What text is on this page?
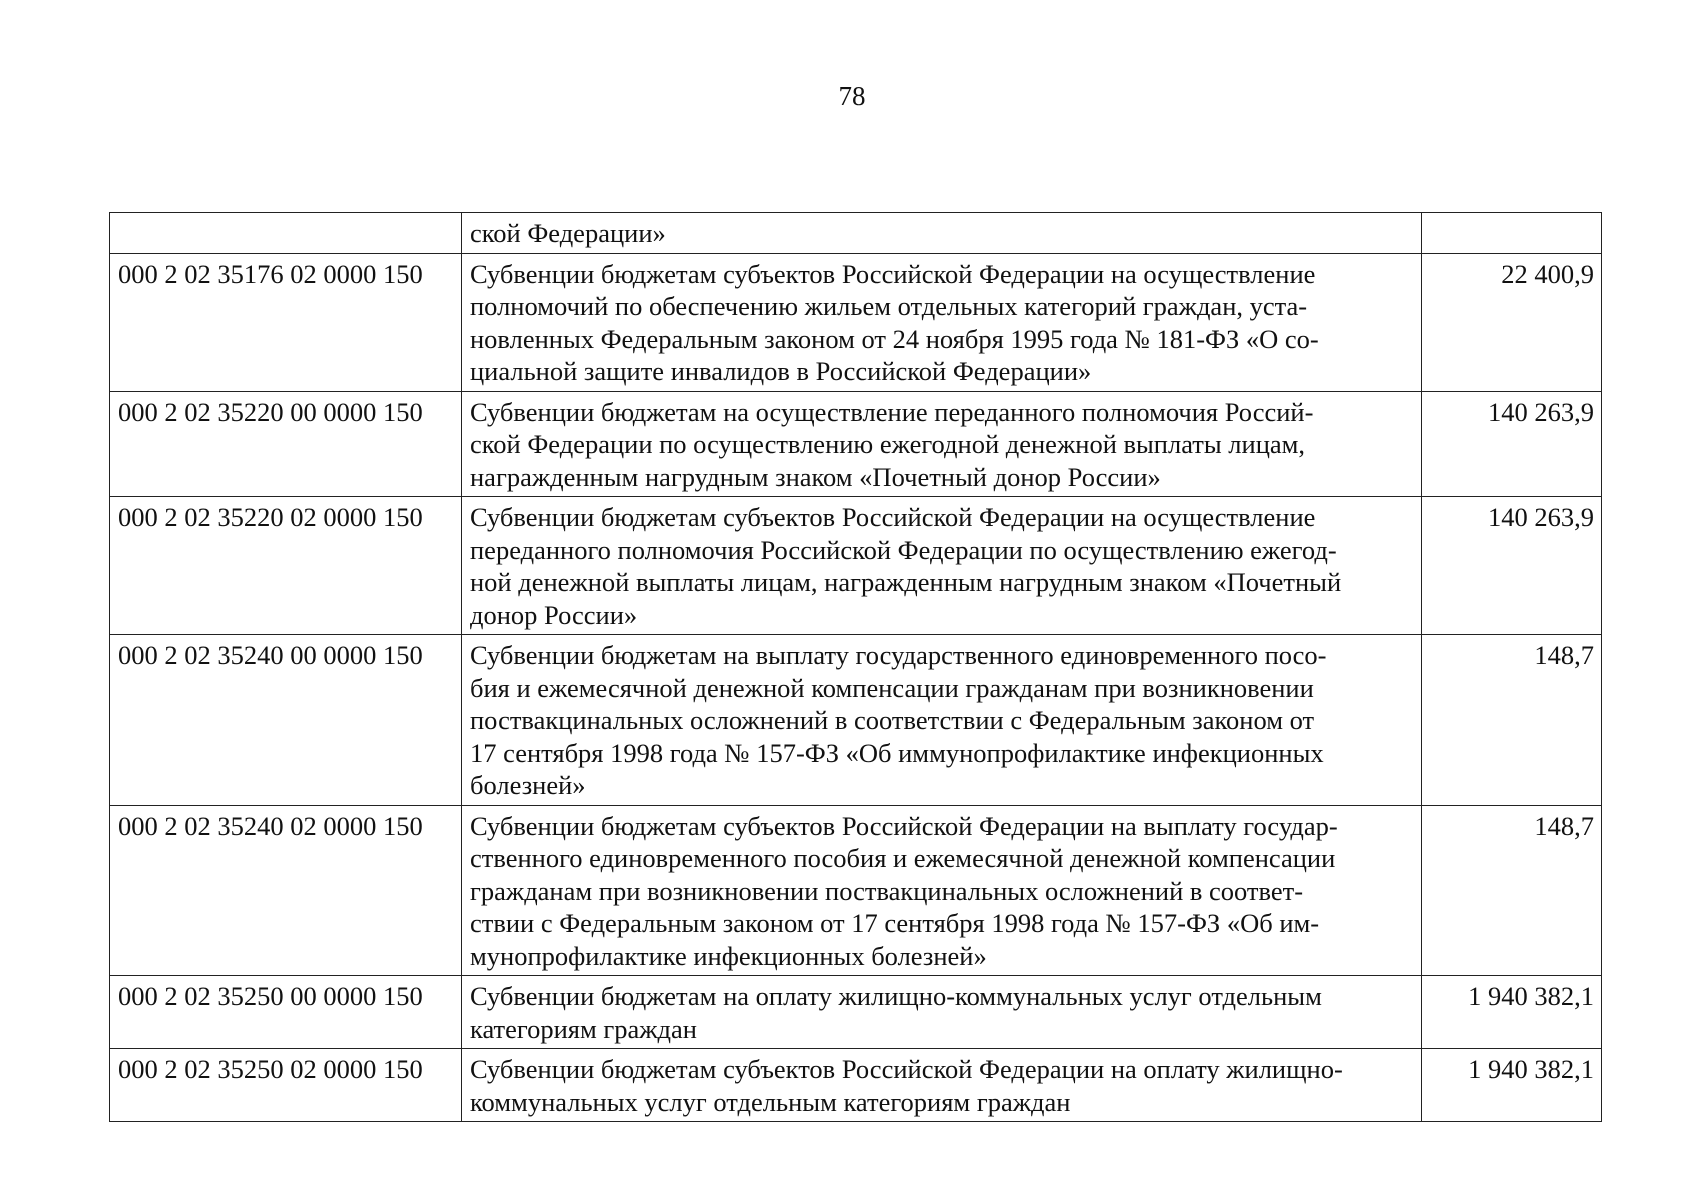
78

	ской Федерации»	

000 2 02 35176 02 0000 150	Субвенции бюджетам субъектов Российской Федерации на осуществление
полномочий по обеспечению жильем отдельных категорий граждан, уста-
новленных Федеральным законом от 24 ноября 1995 года № 181-ФЗ «О со-
циальной защите инвалидов в Российской Федерации»	22 400,9
000 2 02 35220 00 0000 150	Субвенции бюджетам на осуществление переданного полномочия Россий-
ской Федерации по осуществлению ежегодной денежной выплаты лицам,
награжденным нагрудным знаком «Почетный донор России»	140 263,9
000 2 02 35220 02 0000 150	Субвенции бюджетам субъектов Российской Федерации на осуществление
переданного полномочия Российской Федерации по осуществлению ежегод-
ной денежной выплаты лицам, награжденным нагрудным знаком «Почетный
донор России»	140 263,9
000 2 02 35240 00 0000 150	Субвенции бюджетам на выплату государственного единовременного посо-
бия и ежемесячной денежной компенсации гражданам при возникновении
поствакцинальных осложнений в соответствии с Федеральным законом от
17 сентября 1998 года № 157-ФЗ «Об иммунопрофилактике инфекционных
болезней»	148,7
000 2 02 35240 02 0000 150	Субвенции бюджетам субъектов Российской Федерации на выплату государ-
ственного единовременного пособия и ежемесячной денежной компенсации
гражданам при возникновении поствакцинальных осложнений в соответ-
ствии с Федеральным законом от 17 сентября 1998 года № 157-ФЗ «Об им-
мунопрофилактике инфекционных болезней»	148,7
000 2 02 35250 00 0000 150	Субвенции бюджетам на оплату жилищно-коммунальных услуг отдельным
категориям граждан	1 940 382,1
000 2 02 35250 02 0000 150	Субвенции бюджетам субъектов Российской Федерации на оплату жилищно-
коммунальных услуг отдельным категориям граждан	1 940 382,1
